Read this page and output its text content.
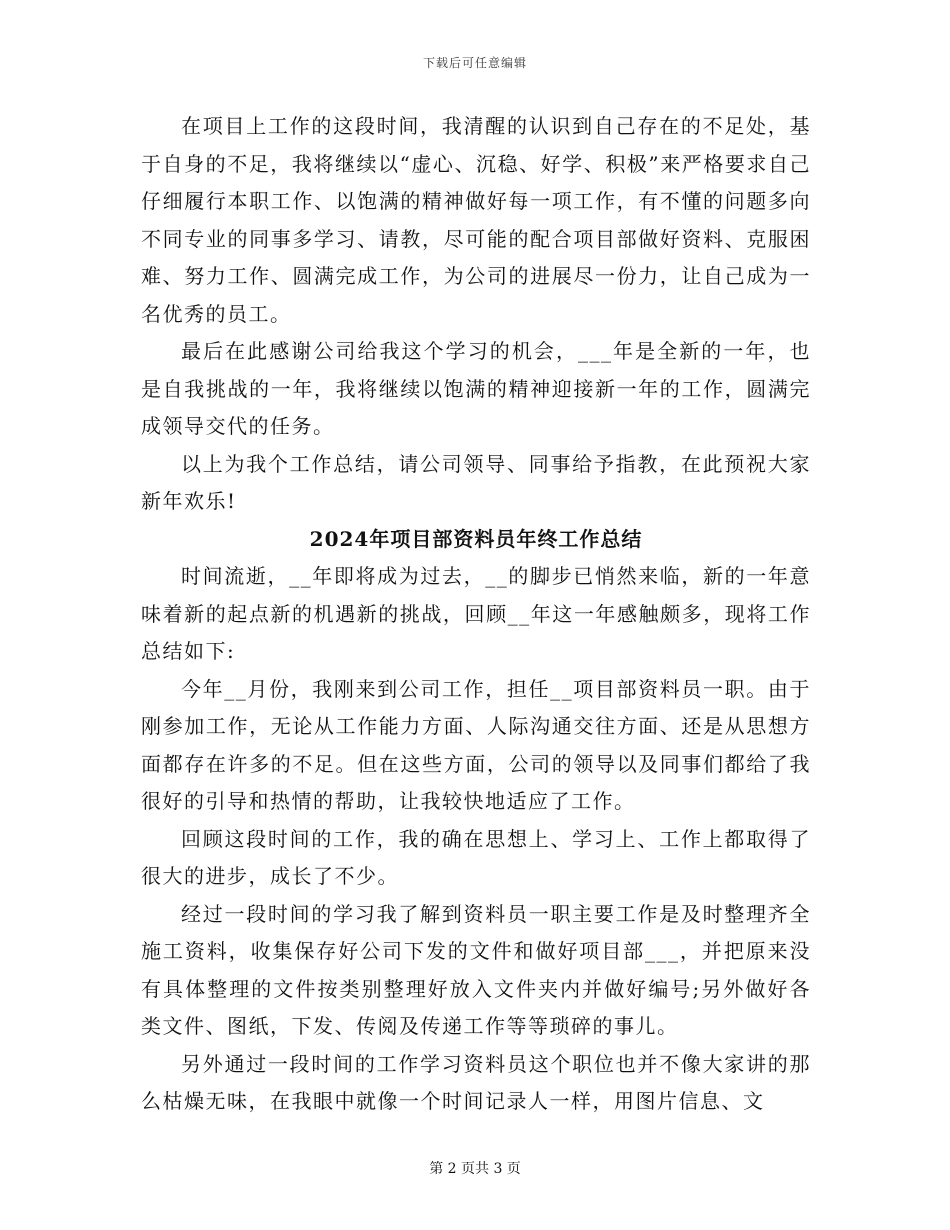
下载后可任意编辑

在项目上工作的这段时间，我清醒的认识到自己存在的不足处，基于自身的不足，我将继续以“虚心、沉稳、好学、积极”来严格要求自己仔细履行本职工作、以饱满的精神做好每一项工作，有不懂的问题多向不同专业的同事多学习、请教，尽可能的配合项目部做好资料、克服困难、努力工作、圆满完成工作，为公司的进展尽一份力，让自己成为一名优秀的员工。

最后在此感谢公司给我这个学习的机会，___年是全新的一年，也是自我挑战的一年，我将继续以饱满的精神迎接新一年的工作，圆满完成领导交代的任务。

以上为我个工作总结，请公司领导、同事给予指教，在此预祝大家新年欢乐!

2024年项目部资料员年终工作总结

时间流逝，__年即将成为过去，__的脚步已悄然来临，新的一年意味着新的起点新的机遇新的挑战，回顾__年这一年感触颇多，现将工作总结如下:

今年__月份，我刚来到公司工作，担任__项目部资料员一职。由于刚参加工作，无论从工作能力方面、人际沟通交往方面、还是从思想方面都存在许多的不足。但在这些方面，公司的领导以及同事们都给了我很好的引导和热情的帮助，让我较快地适应了工作。

回顾这段时间的工作，我的确在思想上、学习上、工作上都取得了很大的进步，成长了不少。

经过一段时间的学习我了解到资料员一职主要工作是及时整理齐全施工资料，收集保存好公司下发的文件和做好项目部___，并把原来没有具体整理的文件按类别整理好放入文件夹内并做好编号;另外做好各类文件、图纸，下发、传阅及传递工作等等琐碎的事儿。

另外通过一段时间的工作学习资料员这个职位也并不像大家讲的那么枯燥无味，在我眼中就像一个时间记录人一样，用图片信息、文

第 2 页共 3 页
